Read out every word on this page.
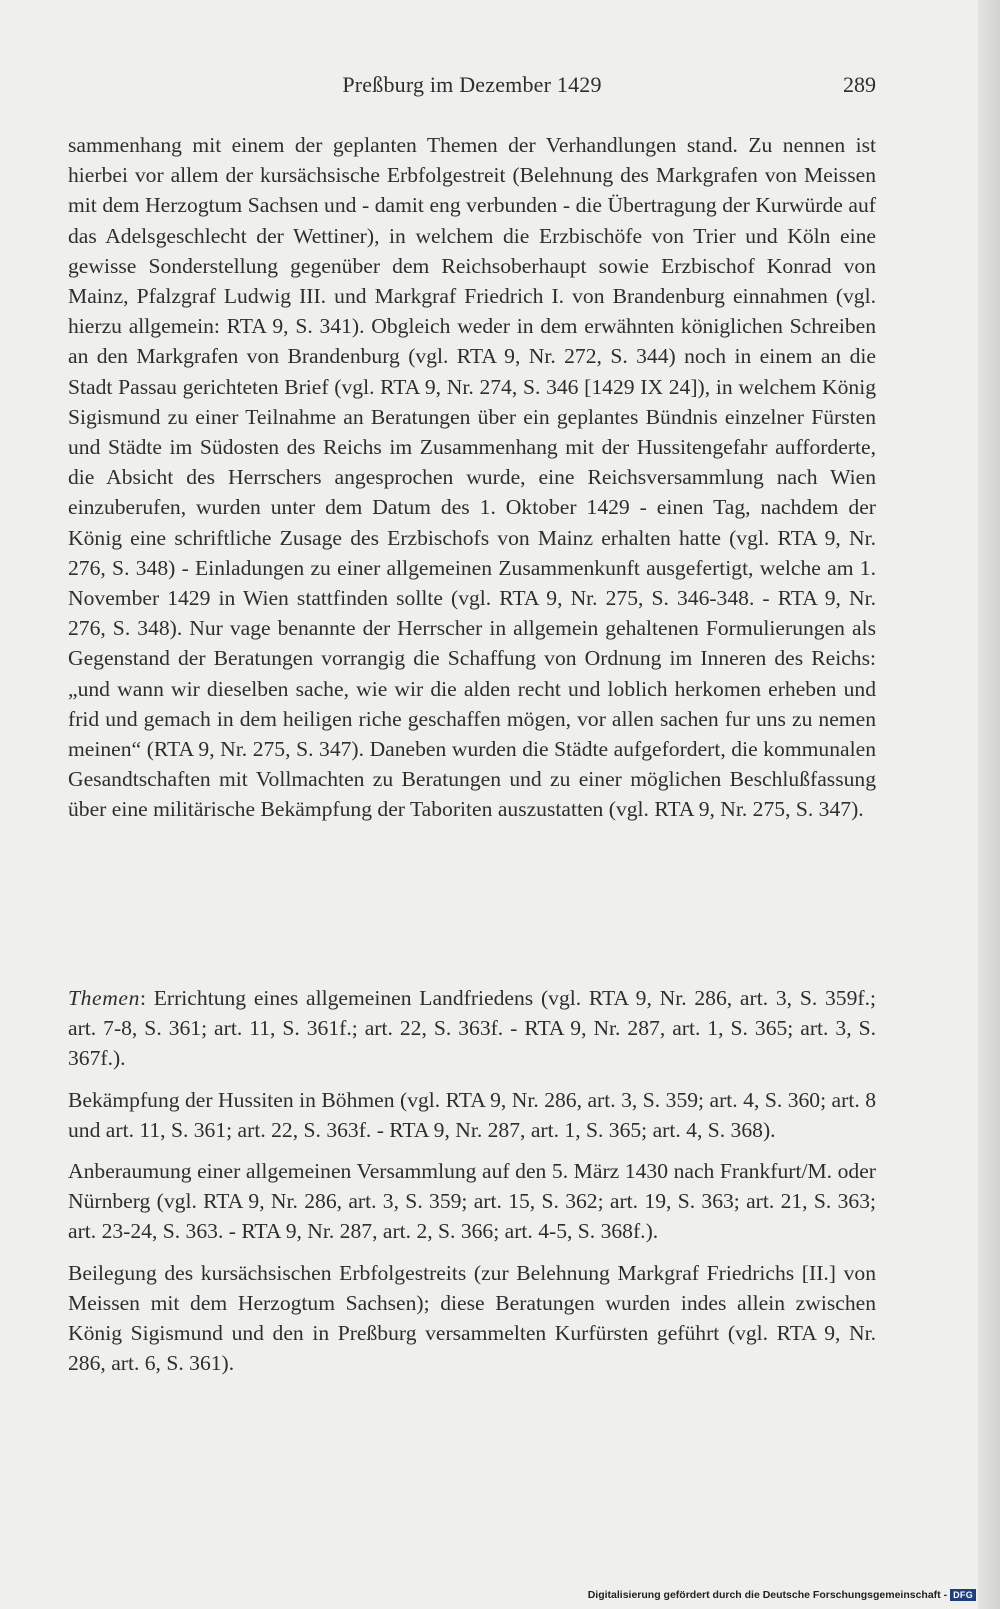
Preßburg im Dezember 1429	289

sammenhang mit einem der geplanten Themen der Verhandlungen stand. Zu nennen ist hierbei vor allem der kursächsische Erbfolgestreit (Belehnung des Markgrafen von Meissen mit dem Herzogtum Sachsen und - damit eng verbunden - die Übertragung der Kurwürde auf das Adelsgeschlecht der Wettiner), in welchem die Erzbischöfe von Trier und Köln eine gewisse Sonderstellung gegenüber dem Reichsoberhaupt sowie Erzbischof Konrad von Mainz, Pfalzgraf Ludwig III. und Markgraf Friedrich I. von Brandenburg einnahmen (vgl. hierzu allgemein: RTA 9, S. 341). Obgleich weder in dem erwähnten königlichen Schreiben an den Markgrafen von Brandenburg (vgl. RTA 9, Nr. 272, S. 344) noch in einem an die Stadt Passau gerichteten Brief (vgl. RTA 9, Nr. 274, S. 346 [1429 IX 24]), in welchem König Sigismund zu einer Teilnahme an Beratungen über ein geplantes Bündnis einzelner Fürsten und Städte im Südosten des Reichs im Zusammenhang mit der Hussitengefahr aufforderte, die Absicht des Herrschers angesprochen wurde, eine Reichsversammlung nach Wien einzuberufen, wurden unter dem Datum des 1. Oktober 1429 - einen Tag, nachdem der König eine schriftliche Zusage des Erzbischofs von Mainz erhalten hatte (vgl. RTA 9, Nr. 276, S. 348) - Einladungen zu einer allgemeinen Zusammenkunft ausgefertigt, welche am 1. November 1429 in Wien stattfinden sollte (vgl. RTA 9, Nr. 275, S. 346-348. - RTA 9, Nr. 276, S. 348). Nur vage benannte der Herrscher in allgemein gehaltenen Formulierungen als Gegenstand der Beratungen vorrangig die Schaffung von Ordnung im Inneren des Reichs: „und wann wir dieselben sache, wie wir die alden recht und loblich herkomen erheben und frid und gemach in dem heiligen riche geschaffen mögen, vor allen sachen fur uns zu nemen meinen“ (RTA 9, Nr. 275, S. 347). Daneben wurden die Städte aufgefordert, die kommunalen Gesandtschaften mit Vollmachten zu Beratungen und zu einer möglichen Beschlußfassung über eine militärische Bekämpfung der Taboriten auszustatten (vgl. RTA 9, Nr. 275, S. 347).

Themen: Errichtung eines allgemeinen Landfriedens (vgl. RTA 9, Nr. 286, art. 3, S. 359f.; art. 7-8, S. 361; art. 11, S. 361f.; art. 22, S. 363f. - RTA 9, Nr. 287, art. 1, S. 365; art. 3, S. 367f.).

Bekämpfung der Hussiten in Böhmen (vgl. RTA 9, Nr. 286, art. 3, S. 359; art. 4, S. 360; art. 8 und art. 11, S. 361; art. 22, S. 363f. - RTA 9, Nr. 287, art. 1, S. 365; art. 4, S. 368).

Anberaumung einer allgemeinen Versammlung auf den 5. März 1430 nach Frankfurt/M. oder Nürnberg (vgl. RTA 9, Nr. 286, art. 3, S. 359; art. 15, S. 362; art. 19, S. 363; art. 21, S. 363; art. 23-24, S. 363. - RTA 9, Nr. 287, art. 2, S. 366; art. 4-5, S. 368f.).

Beilegung des kursächsischen Erbfolgestreits (zur Belehnung Markgraf Friedrichs [II.] von Meissen mit dem Herzogtum Sachsen); diese Beratungen wurden indes allein zwischen König Sigismund und den in Preßburg versammelten Kurfürsten geführt (vgl. RTA 9, Nr. 286, art. 6, S. 361).

Digitalisierung gefördert durch die Deutsche Forschungsgemeinschaft - DFG
